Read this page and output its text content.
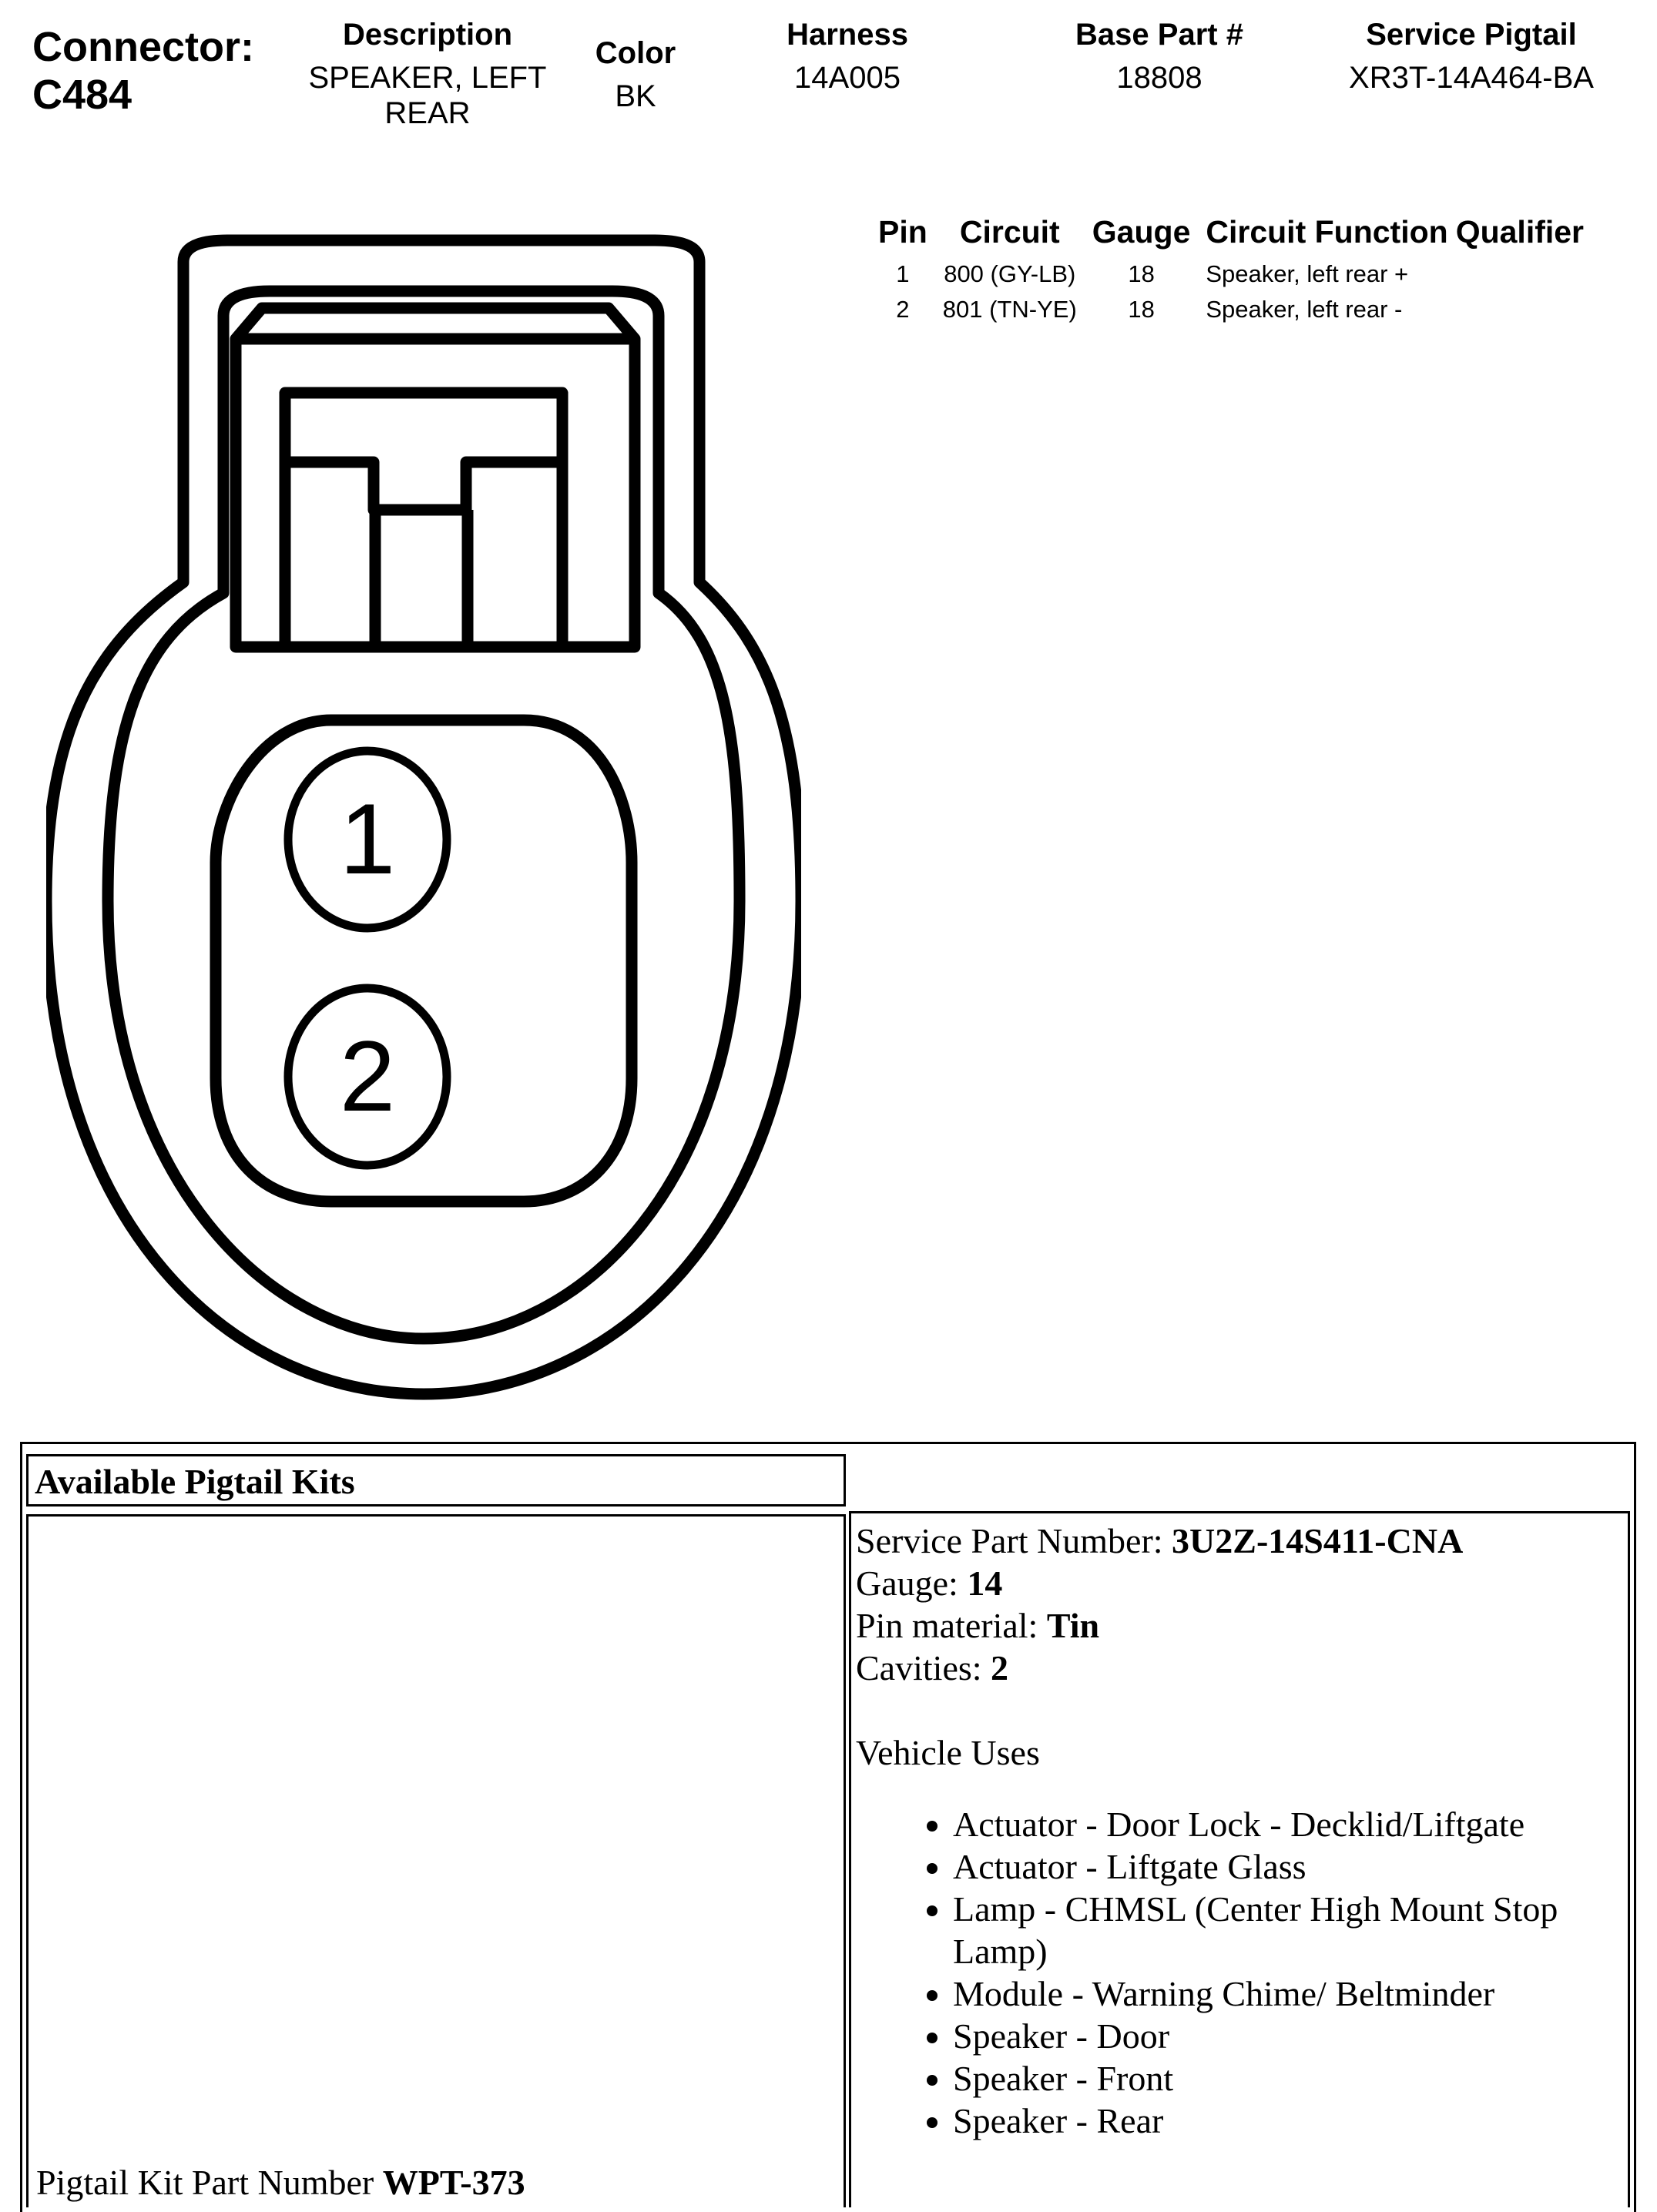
Connector:
C484
Description
SPEAKER, LEFT
REAR
Color
BK
Harness
14A005
Base Part #
18808
Service Pigtail
XR3T-14A464-BA
1
2
Pin	Circuit	Gauge	Circuit Function	Qualifier
1	800 (GY-LB)	18	Speaker, left rear +	
2	801 (TN-YE)	18	Speaker, left rear -	
Available Pigtail Kits
Pigtail Kit Part Number WPT-373
Service Part Number: 3U2Z-14S411-CNA
Gauge: 14
Pin material: Tin
Cavities: 2
Vehicle Uses
• Actuator - Door Lock - Decklid/Liftgate
• Actuator - Liftgate Glass
• Lamp - CHMSL (Center High Mount Stop Lamp)
• Module - Warning Chime/ Beltminder
• Speaker - Door
• Speaker - Front
• Speaker - Rear
